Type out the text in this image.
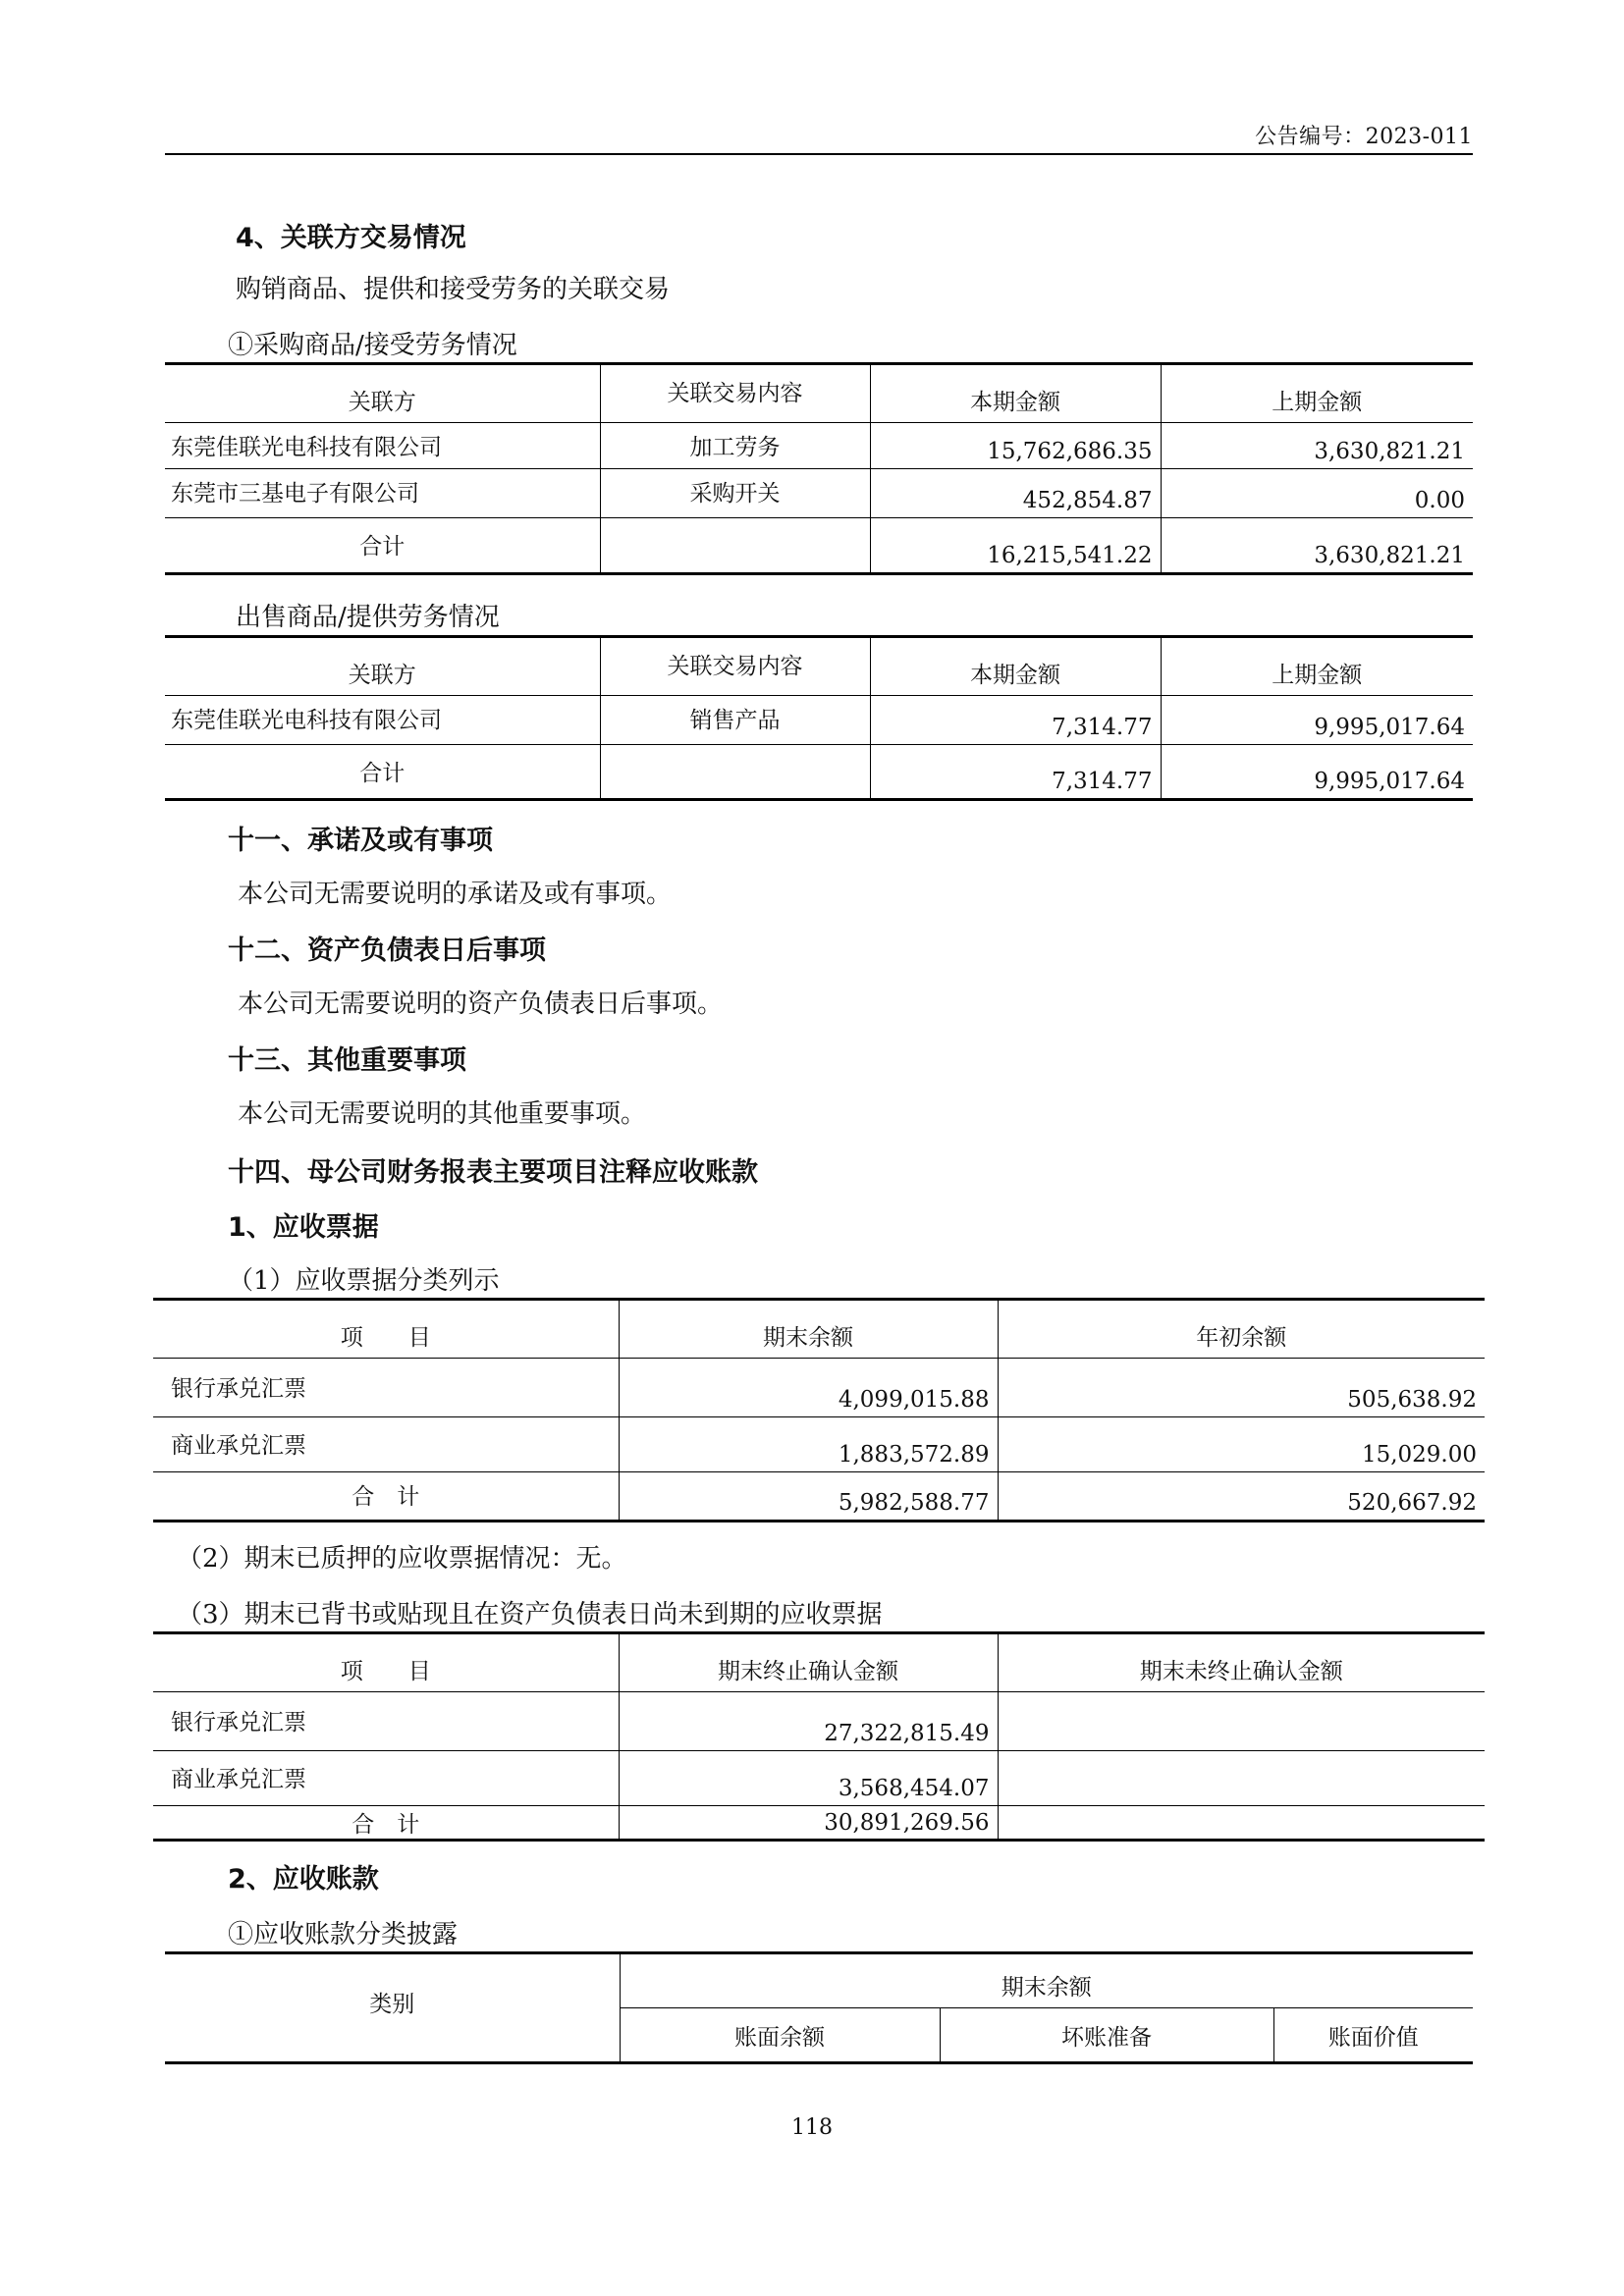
公告编号：2023-011
4、关联方交易情况
购销商品、提供和接受劳务的关联交易
①采购商品/接受劳务情况
关联方	关联交易内容	本期金额	上期金额
东莞佳联光电科技有限公司	加工劳务	15,762,686.35	3,630,821.21
东莞市三基电子有限公司	采购开关	452,854.87	0.00
合计		16,215,541.22	3,630,821.21
出售商品/提供劳务情况
关联方	关联交易内容	本期金额	上期金额
东莞佳联光电科技有限公司	销售产品	7,314.77	9,995,017.64
合计		7,314.77	9,995,017.64
十一、承诺及或有事项
本公司无需要说明的承诺及或有事项。
十二、资产负债表日后事项
本公司无需要说明的资产负债表日后事项。
十三、其他重要事项
本公司无需要说明的其他重要事项。
十四、母公司财务报表主要项目注释应收账款
1、应收票据
（1）应收票据分类列示
项　　目	期末余额	年初余额
银行承兑汇票	4,099,015.88	505,638.92
商业承兑汇票	1,883,572.89	15,029.00
合　计	5,982,588.77	520,667.92
（2）期末已质押的应收票据情况：无。
（3）期末已背书或贴现且在资产负债表日尚未到期的应收票据
项　　目	期末终止确认金额	期末未终止确认金额
银行承兑汇票	27,322,815.49	
商业承兑汇票	3,568,454.07	
合　计	30,891,269.56	
2、应收账款
①应收账款分类披露
类别	期末余额		
	账面余额	坏账准备	账面价值
118
